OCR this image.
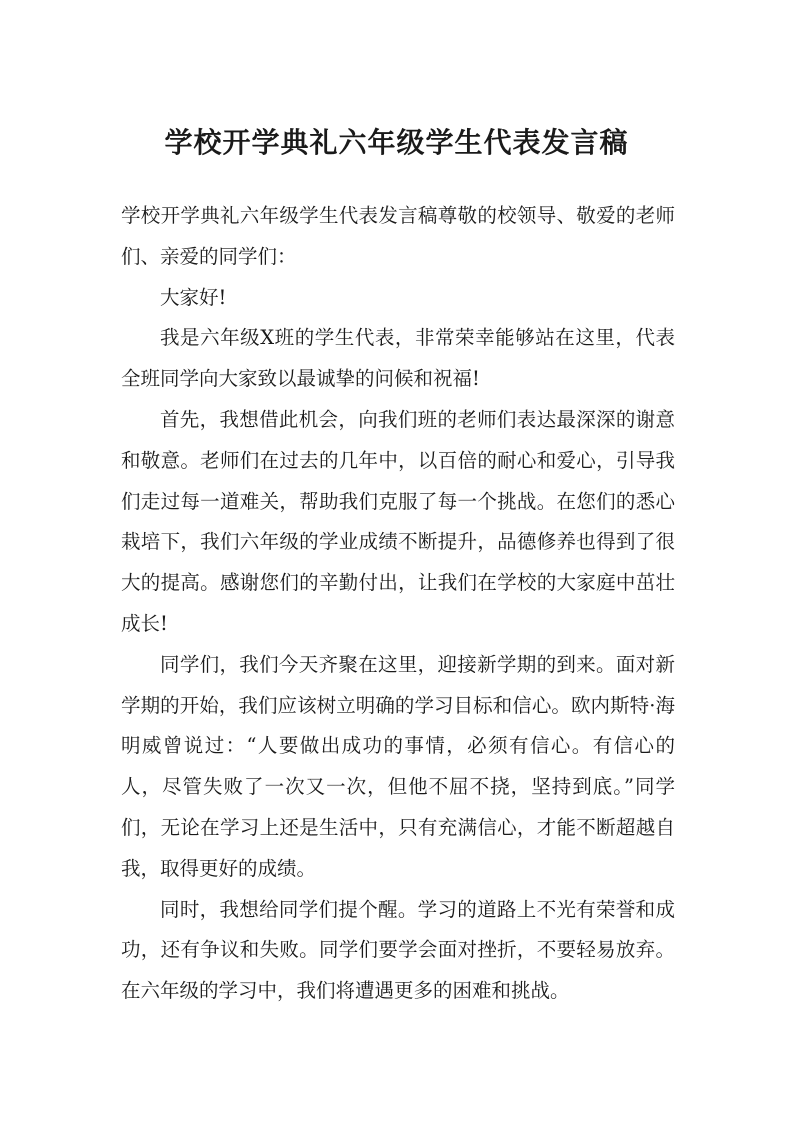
学校开学典礼六年级学生代表发言稿

学校开学典礼六年级学生代表发言稿尊敬的校领导、敬爱的老师们、亲爱的同学们：

大家好!

我是六年级X班的学生代表，非常荣幸能够站在这里，代表全班同学向大家致以最诚挚的问候和祝福!

首先，我想借此机会，向我们班的老师们表达最深深的谢意和敬意。老师们在过去的几年中，以百倍的耐心和爱心，引导我们走过每一道难关，帮助我们克服了每一个挑战。在您们的悉心栽培下，我们六年级的学业成绩不断提升，品德修养也得到了很大的提高。感谢您们的辛勤付出，让我们在学校的大家庭中茁壮成长!

同学们，我们今天齐聚在这里，迎接新学期的到来。面对新学期的开始，我们应该树立明确的学习目标和信心。欧内斯特·海明威曾说过：“人要做出成功的事情，必须有信心。有信心的人，尽管失败了一次又一次，但他不屈不挠，坚持到底。”同学们，无论在学习上还是生活中，只有充满信心，才能不断超越自我，取得更好的成绩。

同时，我想给同学们提个醒。学习的道路上不光有荣誉和成功，还有争议和失败。同学们要学会面对挫折，不要轻易放弃。在六年级的学习中，我们将遭遇更多的困难和挑战。
